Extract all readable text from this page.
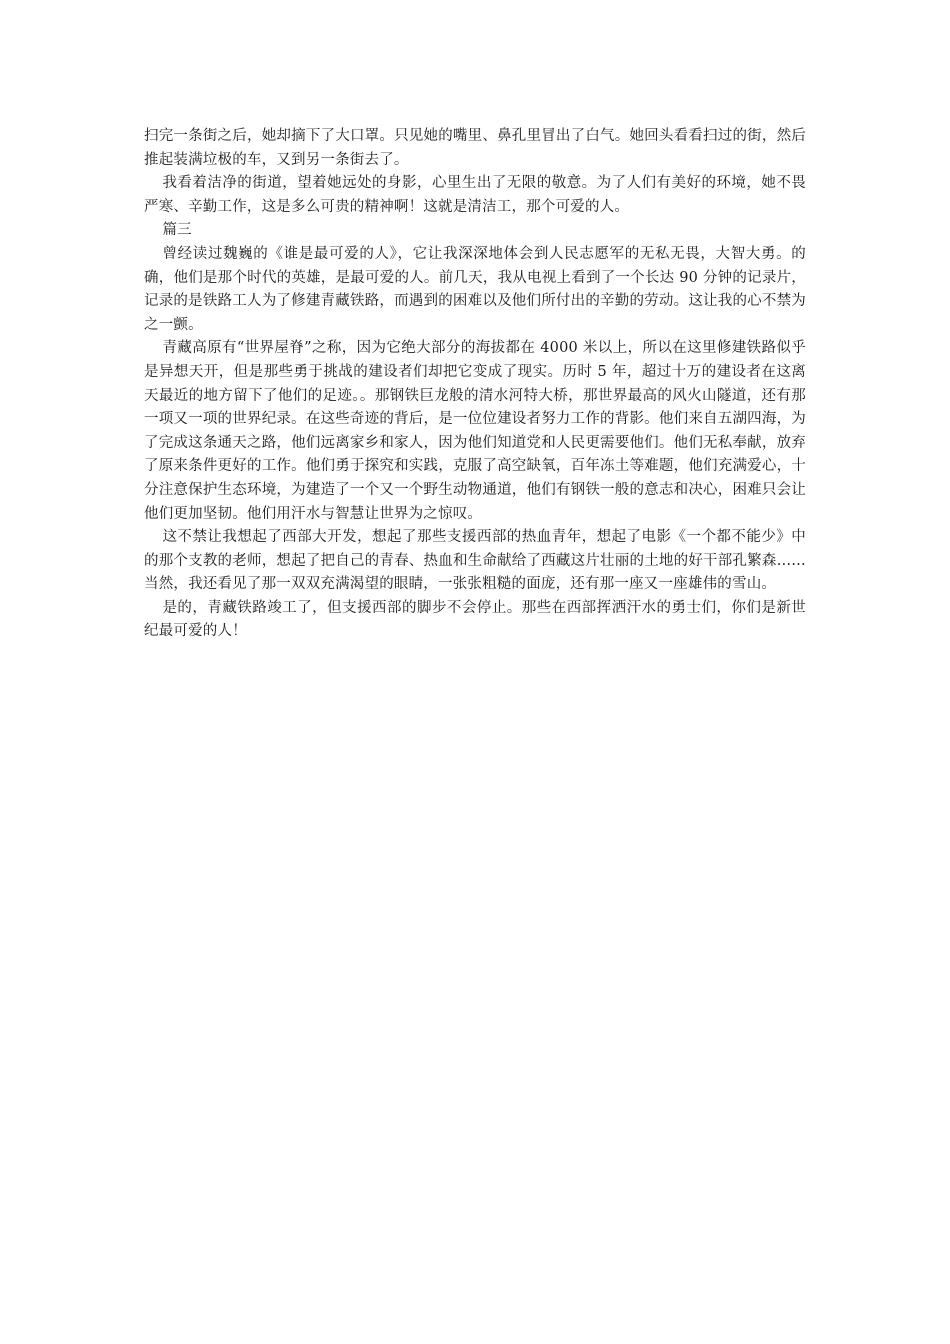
扫完一条街之后，她却摘下了大口罩。只见她的嘴里、鼻孔里冒出了白气。她回头看看扫过的街，然后推起装满垃极的车，又到另一条街去了。

我看着洁净的街道，望着她远处的身影，心里生出了无限的敬意。为了人们有美好的环境，她不畏严寒、辛勤工作，这是多么可贵的精神啊！这就是清洁工，那个可爱的人。

篇三

曾经读过魏巍的《谁是最可爱的人》，它让我深深地体会到人民志愿军的无私无畏，大智大勇。的确，他们是那个时代的英雄，是最可爱的人。前几天，我从电视上看到了一个长达 90 分钟的记录片，记录的是铁路工人为了修建青藏铁路，而遇到的困难以及他们所付出的辛勤的劳动。这让我的心不禁为之一颤。

青藏高原有“世界屋脊”之称，因为它绝大部分的海拔都在 4000 米以上，所以在这里修建铁路似乎是异想天开，但是那些勇于挑战的建设者们却把它变成了现实。历时 5 年，超过十万的建设者在这离天最近的地方留下了他们的足迹。。那钢铁巨龙般的清水河特大桥，那世界最高的风火山隧道，还有那一项又一项的世界纪录。在这些奇迹的背后，是一位位建设者努力工作的背影。他们来自五湖四海，为了完成这条通天之路，他们远离家乡和家人，因为他们知道党和人民更需要他们。他们无私奉献，放弃了原来条件更好的工作。他们勇于探究和实践，克服了高空缺氧，百年冻土等难题，他们充满爱心，十分注意保护生态环境，为建造了一个又一个野生动物通道，他们有钢铁一般的意志和决心，困难只会让他们更加坚韧。他们用汗水与智慧让世界为之惊叹。

这不禁让我想起了西部大开发，想起了那些支援西部的热血青年，想起了电影《一个都不能少》中的那个支教的老师，想起了把自己的青春、热血和生命献给了西藏这片壮丽的土地的好干部孔繁森……当然，我还看见了那一双双充满渴望的眼睛，一张张粗糙的面庞，还有那一座又一座雄伟的雪山。

是的，青藏铁路竣工了，但支援西部的脚步不会停止。那些在西部挥洒汗水的勇士们，你们是新世纪最可爱的人！
